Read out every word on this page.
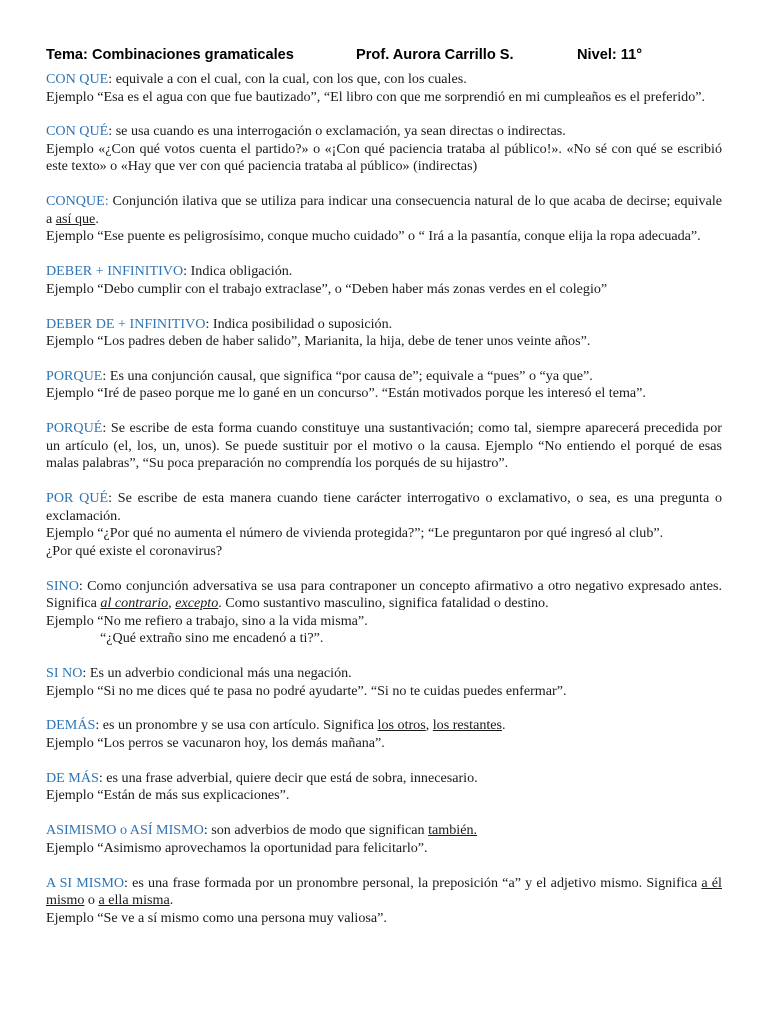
Tema: Combinaciones gramaticales	Prof. Aurora Carrillo S.	Nivel: 11°

CON QUE: equivale a con el cual, con la cual, con los que, con los cuales.

Ejemplo “Esa es el agua con que fue bautizado”, “El libro con que me sorprendió en mi cumpleaños es el preferido”.

CON QUÉ: se usa cuando es una interrogación o exclamación, ya sean directas o indirectas.

Ejemplo «¿Con qué votos cuenta el partido?» o «¡Con qué paciencia trataba al público!». «No sé con qué se escribió este texto» o «Hay que ver con qué paciencia trataba al público» (indirectas)

CONQUE: Conjunción ilativa que se utiliza para indicar una consecuencia natural de lo que acaba de decirse; equivale a así que.

Ejemplo “Ese puente es peligrosísimo, conque mucho cuidado” o “ Irá a la pasantía, conque elija la ropa adecuada”.

DEBER + INFINITIVO: Indica obligación.

Ejemplo “Debo cumplir con el trabajo extraclase”, o “Deben haber más zonas verdes en el colegio”

DEBER DE + INFINITIVO: Indica posibilidad o suposición.

Ejemplo “Los padres deben de haber salido”, Marianita, la hija, debe de tener unos veinte años”.

PORQUE: Es una conjunción causal, que significa “por causa de”; equivale a “pues” o “ya que”.

Ejemplo “Iré de paseo porque me lo gané en un concurso”. “Están motivados porque les interesó el tema”.

PORQUÉ: Se escribe de esta forma cuando constituye una sustantivación; como tal, siempre aparecerá precedida por un artículo (el, los, un, unos). Se puede sustituir por el motivo o la causa. Ejemplo “No entiendo el porqué de esas malas palabras”, “Su poca preparación no comprendía los porqués de su hijastro”.

POR QUÉ: Se escribe de esta manera cuando tiene carácter interrogativo o exclamativo, o sea, es una pregunta o exclamación.

Ejemplo “¿Por qué no aumenta el número de vivienda protegida?”; “Le preguntaron por qué ingresó al club”.

¿Por qué existe el coronavirus?

SINO: Como conjunción adversativa se usa para contraponer un concepto afirmativo a otro negativo expresado antes. Significa al contrario, excepto. Como sustantivo masculino, significa fatalidad o destino.

Ejemplo “No me refiero a trabajo, sino a la vida misma”.

“¿Qué extraño sino me encadenó a ti?”.

SI NO: Es un adverbio condicional más una negación.

Ejemplo “Si no me dices qué te pasa no podré ayudarte”. “Si no te cuidas puedes enfermar”.

DEMÁS: es un pronombre y se usa con artículo. Significa los otros, los restantes.

Ejemplo “Los perros se vacunaron hoy, los demás mañana”.

DE MÁS: es una frase adverbial, quiere decir que está de sobra, innecesario.

Ejemplo “Están de más sus explicaciones”.

ASIMISMO o ASÍ MISMO: son adverbios de modo que significan también.

Ejemplo “Asimismo aprovechamos la oportunidad para felicitarlo”.

A SI MISMO: es una frase formada por un pronombre personal, la preposición “a” y el adjetivo mismo. Significa a él mismo o a ella misma.

Ejemplo “Se ve a sí mismo como una persona muy valiosa”.
